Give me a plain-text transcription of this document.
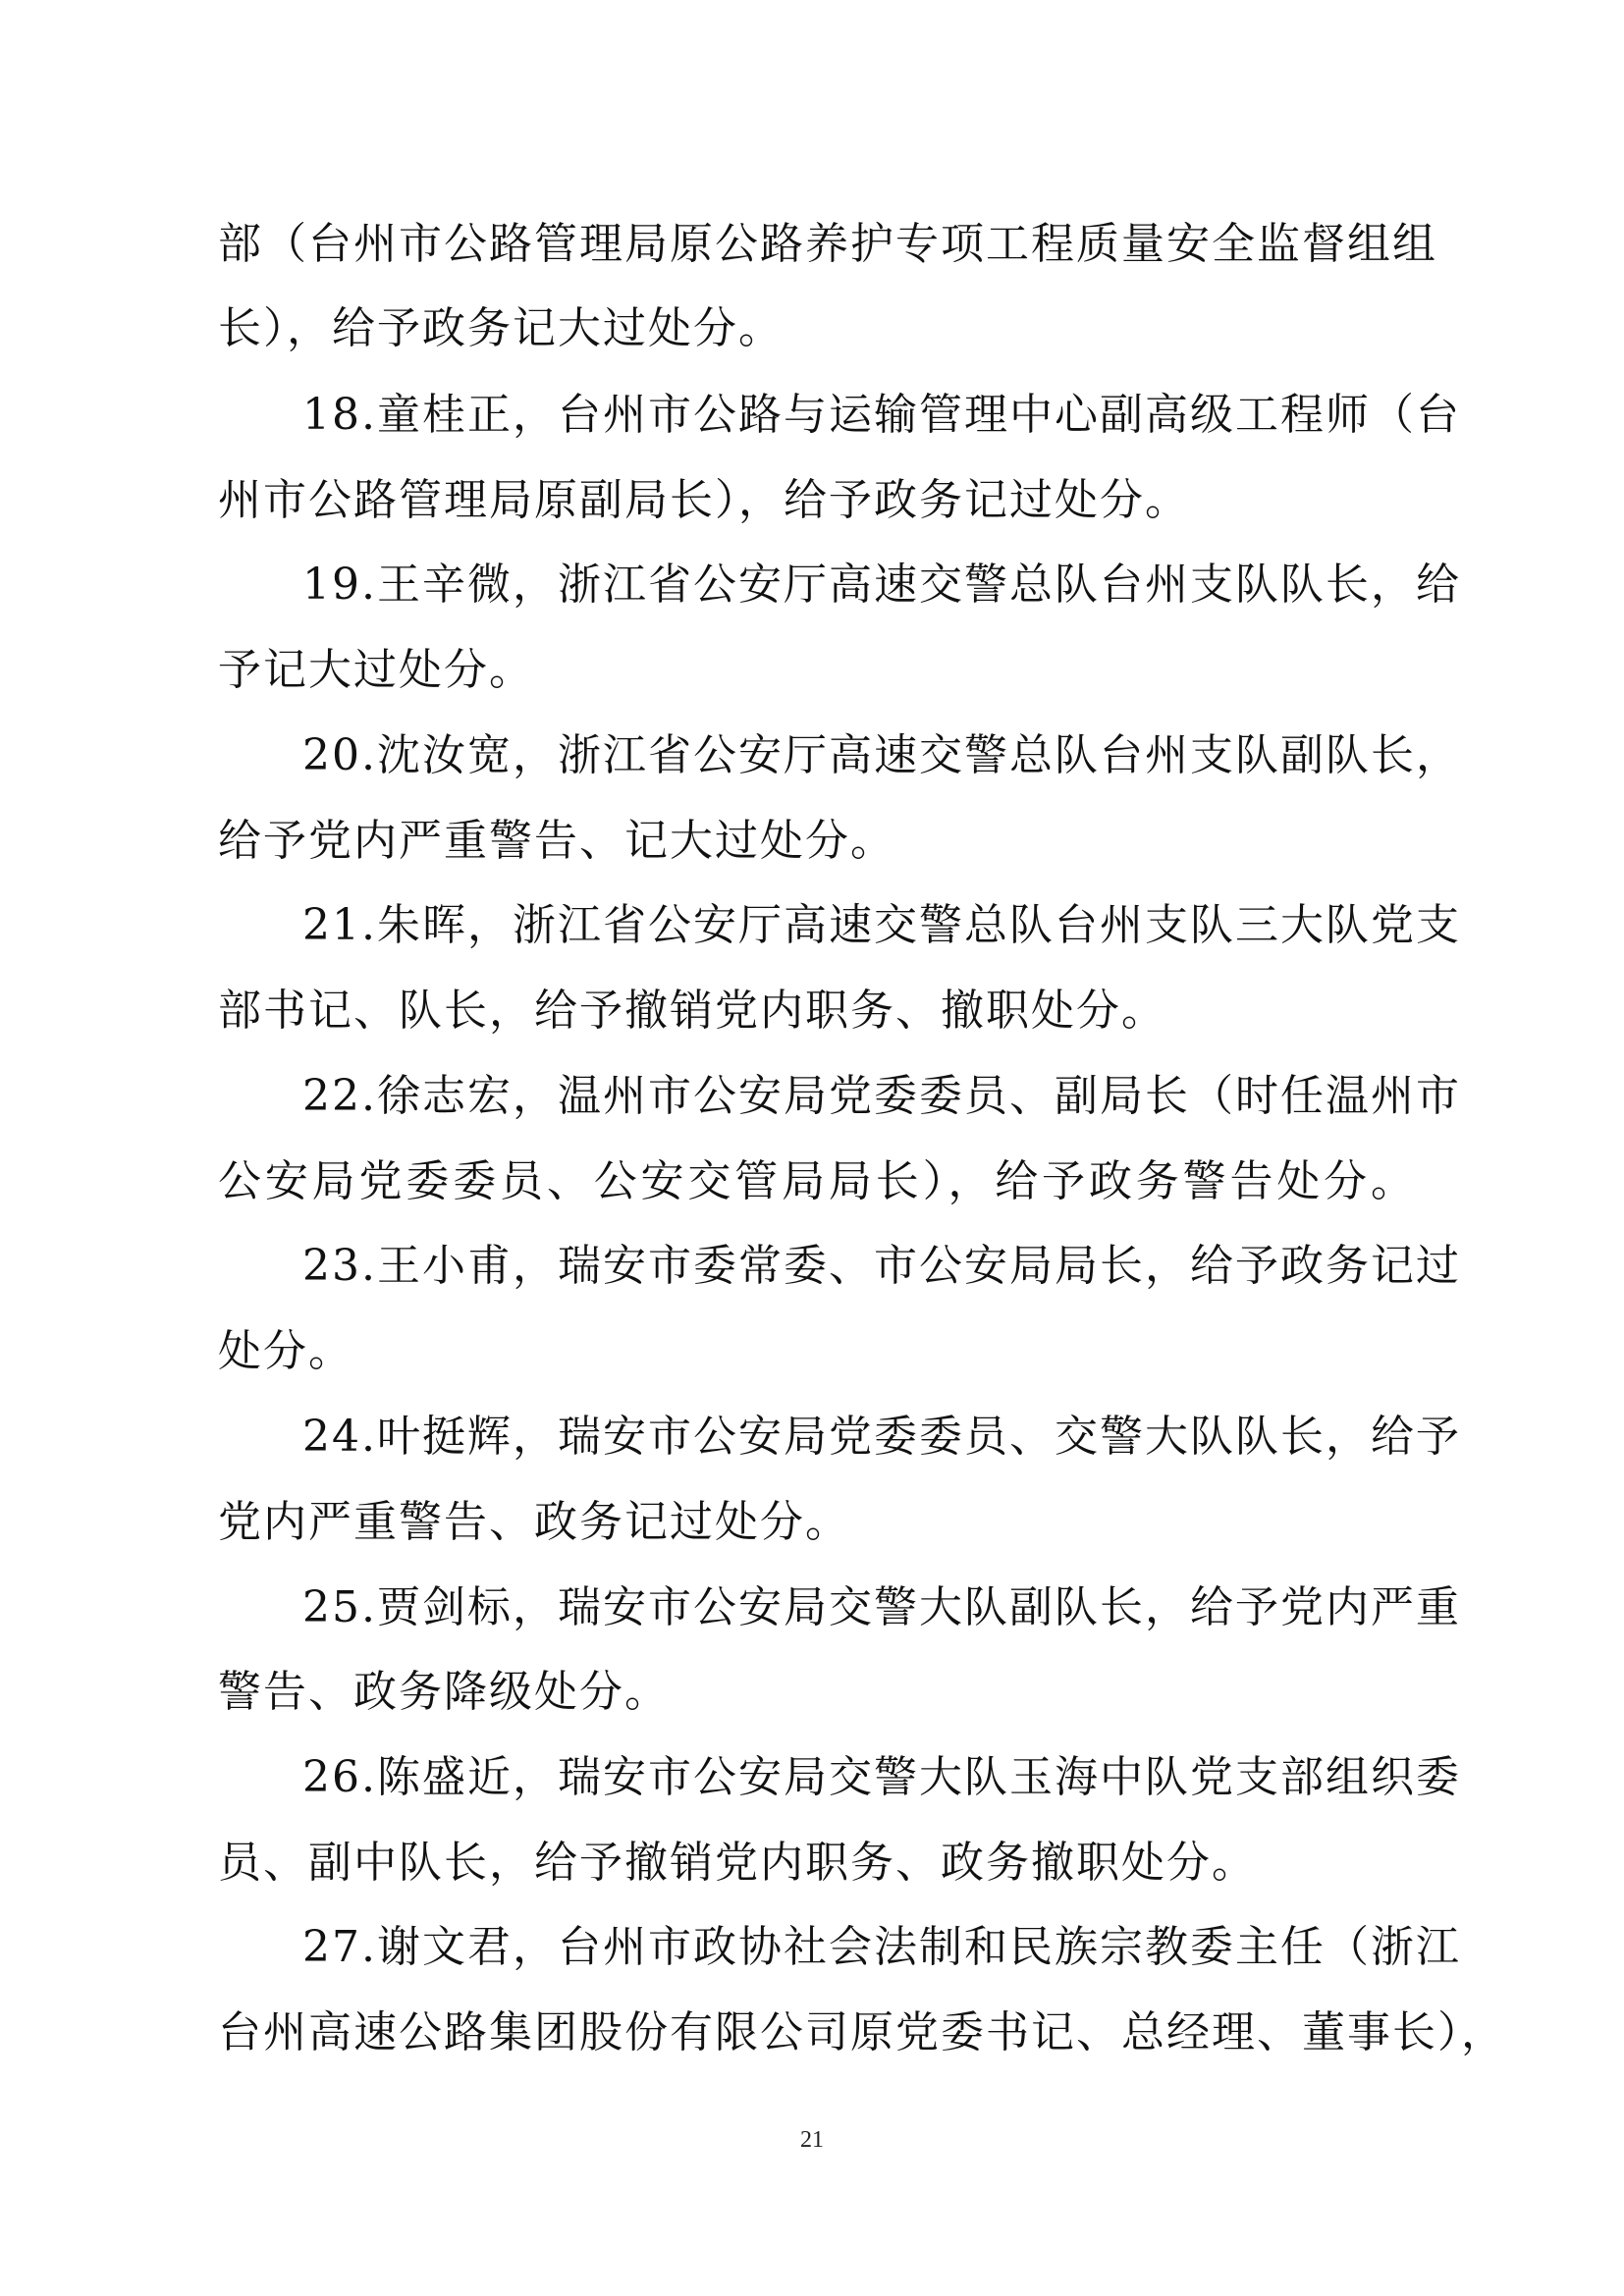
部（台州市公路管理局原公路养护专项工程质量安全监督组组
长），给予政务记大过处分。
18.童桂正，台州市公路与运输管理中心副高级工程师（台
州市公路管理局原副局长），给予政务记过处分。
19.王辛微，浙江省公安厅高速交警总队台州支队队长，给
予记大过处分。
20.沈汝宽，浙江省公安厅高速交警总队台州支队副队长，
给予党内严重警告、记大过处分。
21.朱晖，浙江省公安厅高速交警总队台州支队三大队党支
部书记、队长，给予撤销党内职务、撤职处分。
22.徐志宏，温州市公安局党委委员、副局长（时任温州市
公安局党委委员、公安交管局局长），给予政务警告处分。
23.王小甫，瑞安市委常委、市公安局局长，给予政务记过
处分。
24.叶挺辉，瑞安市公安局党委委员、交警大队队长，给予
党内严重警告、政务记过处分。
25.贾剑标，瑞安市公安局交警大队副队长，给予党内严重
警告、政务降级处分。
26.陈盛近，瑞安市公安局交警大队玉海中队党支部组织委
员、副中队长，给予撤销党内职务、政务撤职处分。
27.谢文君，台州市政协社会法制和民族宗教委主任（浙江
台州高速公路集团股份有限公司原党委书记、总经理、董事长），
21
